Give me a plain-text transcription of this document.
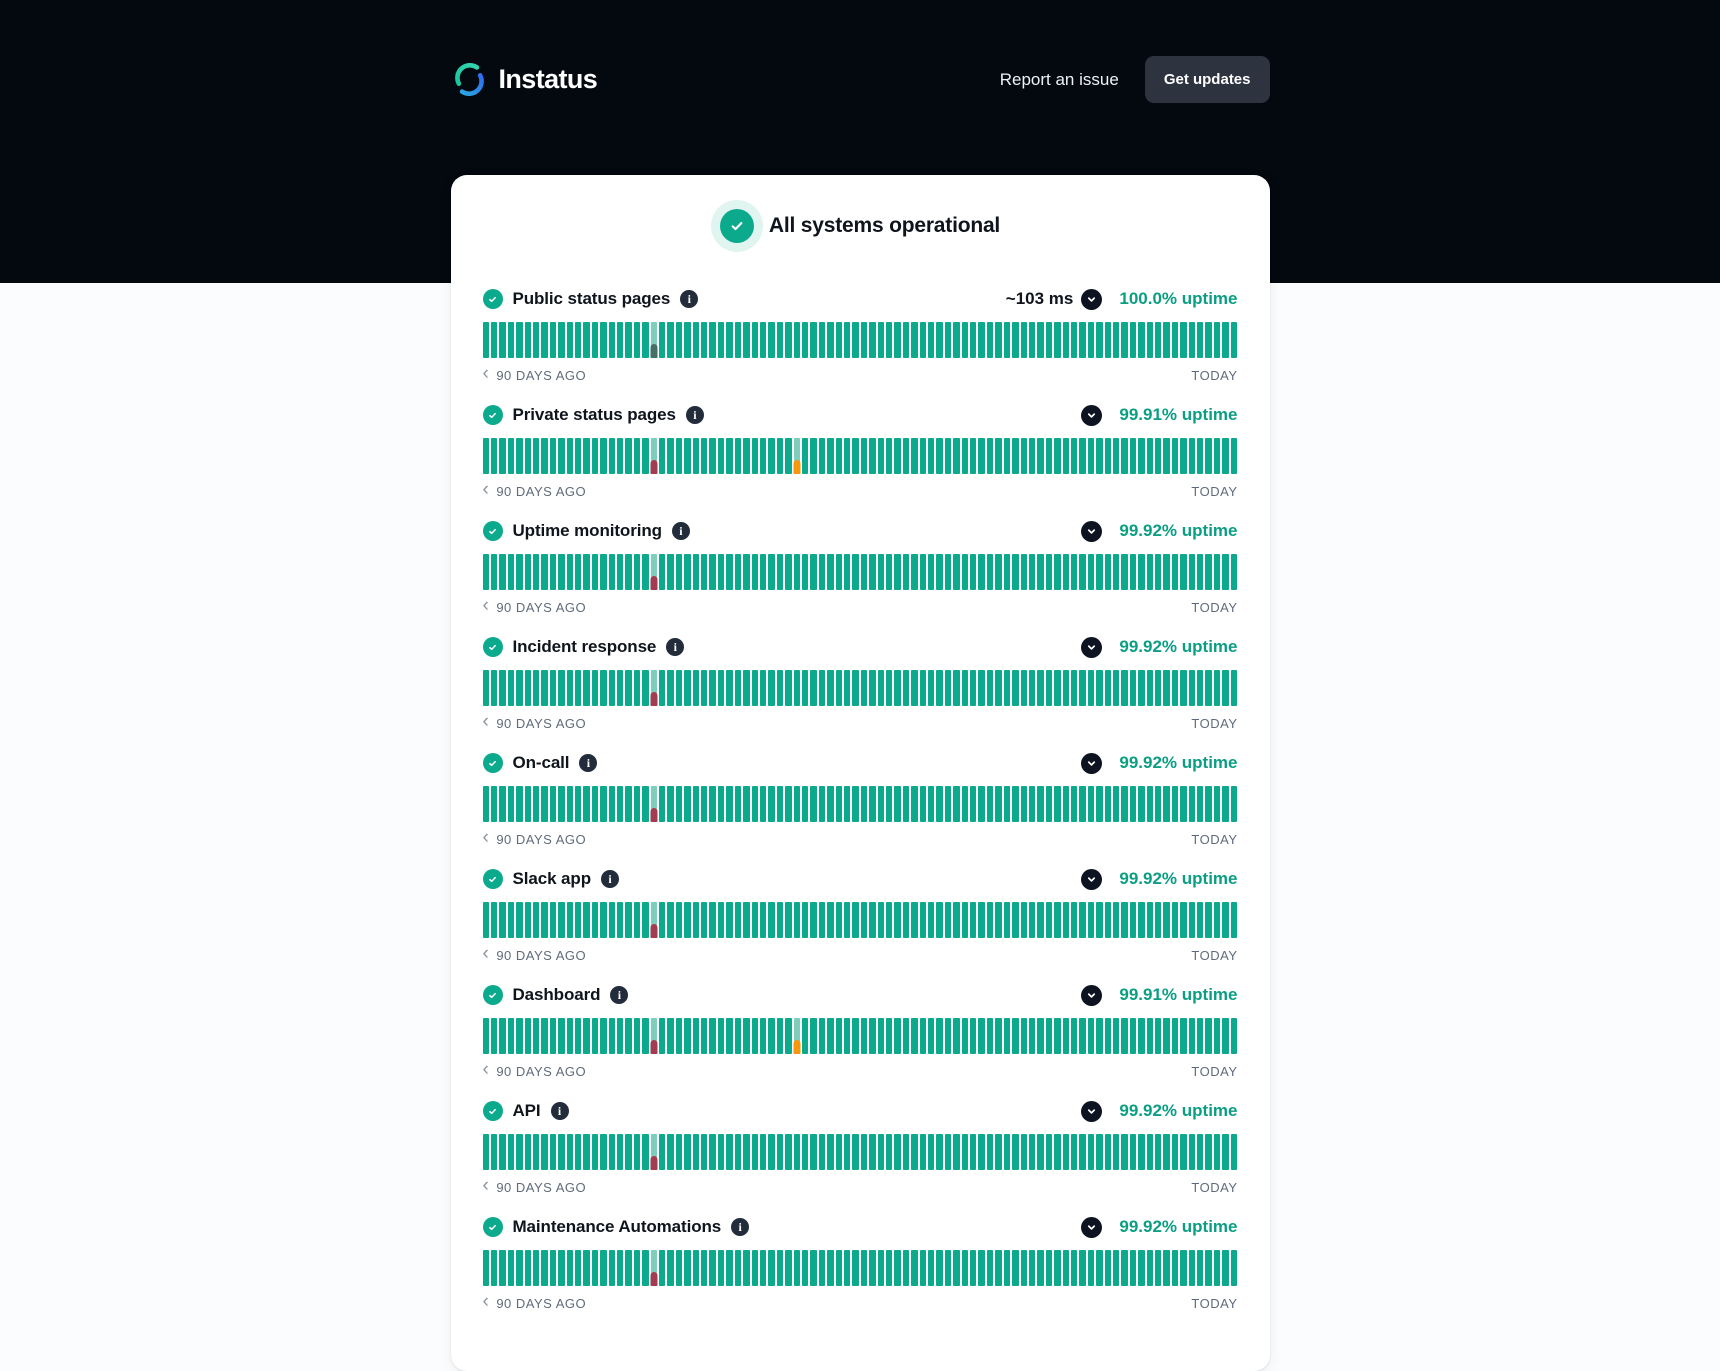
Instatus	Report an issue	Get updates
All systems operational
Public status pages	i	~103 ms	100.0% uptime
‹ 90 DAYS AGO	TODAY
Private status pages	i	99.91% uptime
‹ 90 DAYS AGO	TODAY
Uptime monitoring	i	99.92% uptime
‹ 90 DAYS AGO	TODAY
Incident response	i	99.92% uptime
‹ 90 DAYS AGO	TODAY
On-call	i	99.92% uptime
‹ 90 DAYS AGO	TODAY
Slack app	i	99.92% uptime
‹ 90 DAYS AGO	TODAY
Dashboard	i	99.91% uptime
‹ 90 DAYS AGO	TODAY
API	i	99.92% uptime
‹ 90 DAYS AGO	TODAY
Maintenance Automations	i	99.92% uptime
‹ 90 DAYS AGO	TODAY
